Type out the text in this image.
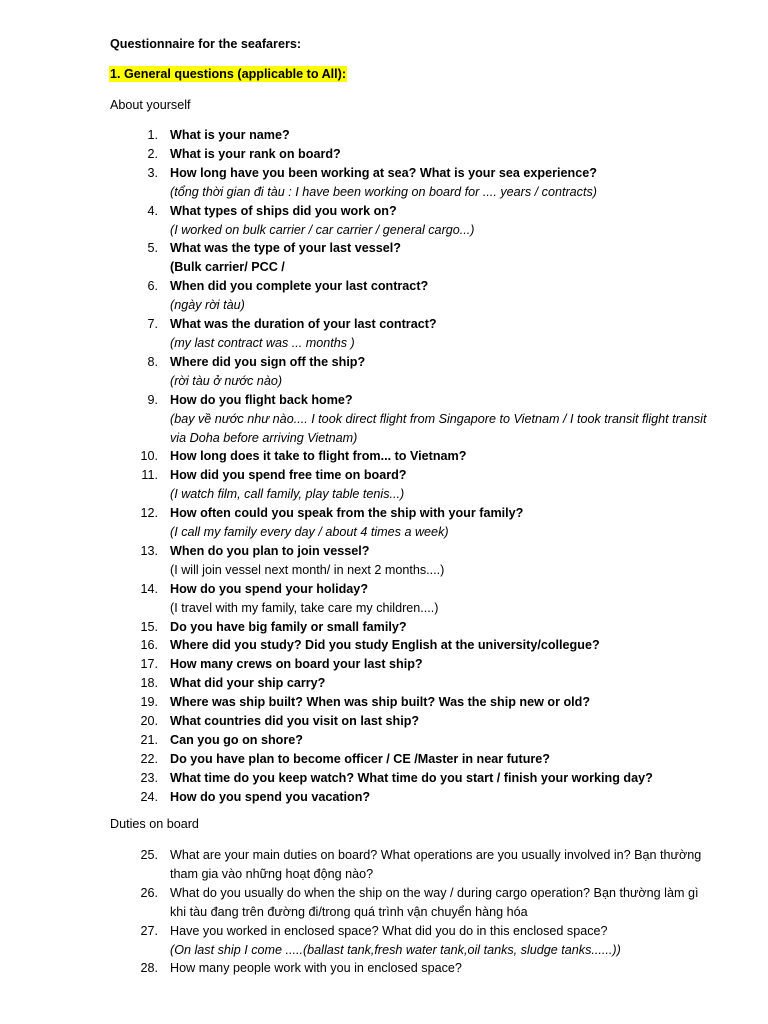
Questionnaire for the seafarers:
1. General questions (applicable to All):
About yourself
1. What is your name?
2. What is your rank on board?
3. How long have you been working at sea? What is your sea experience?
(tổng thời gian đi tàu : I have been working on board for .... years / contracts)
4. What types of ships did you work on?
(I worked on bulk carrier / car carrier / general cargo...)
5. What was the type of your last vessel?
(Bulk carrier/ PCC /
6. When did you complete your last contract?
(ngày rời tàu)
7. What was the duration of your last contract?
(my last contract was ... months )
8. Where did you sign off the ship?
(rời tàu ở nước nào)
9. How do you flight back home?
(bay về nước như nào.... I took direct flight from Singapore to Vietnam / I took transit flight transit via Doha before arriving Vietnam)
10. How long does it take to flight from... to Vietnam?
11. How did you spend free time on board?
(I watch film, call family, play table tenis...)
12. How often could you speak from the ship with your family?
(I call my family every day / about 4 times a week)
13. When do you plan to join vessel?
(I will join vessel next month/ in next 2 months....)
14. How do you spend your holiday?
(I travel with my family, take care my children....)
15. Do you have big family or small family?
16. Where did you study? Did you study English at the university/collegue?
17. How many crews on board your last ship?
18. What did your ship carry?
19. Where was ship built? When was ship built? Was the ship new or old?
20. What countries did you visit on last ship?
21. Can you go on shore?
22. Do you have plan to become officer / CE /Master in near future?
23. What time do you keep watch? What time do you start / finish your working day?
24. How do you spend you vacation?
Duties on board
25. What are your main duties on board? What operations are you usually involved in? Bạn thường tham gia vào những hoạt động nào?
26. What do you usually do when the ship on the way / during cargo operation? Bạn thường làm gì khi tàu đang trên đường đi/trong quá trình vận chuyển hàng hóa
27. Have you worked in enclosed space? What did you do in this enclosed space?
(On last ship I come .....(ballast tank,fresh water tank,oil tanks, sludge tanks......))
28. How many people work with you in enclosed space?
